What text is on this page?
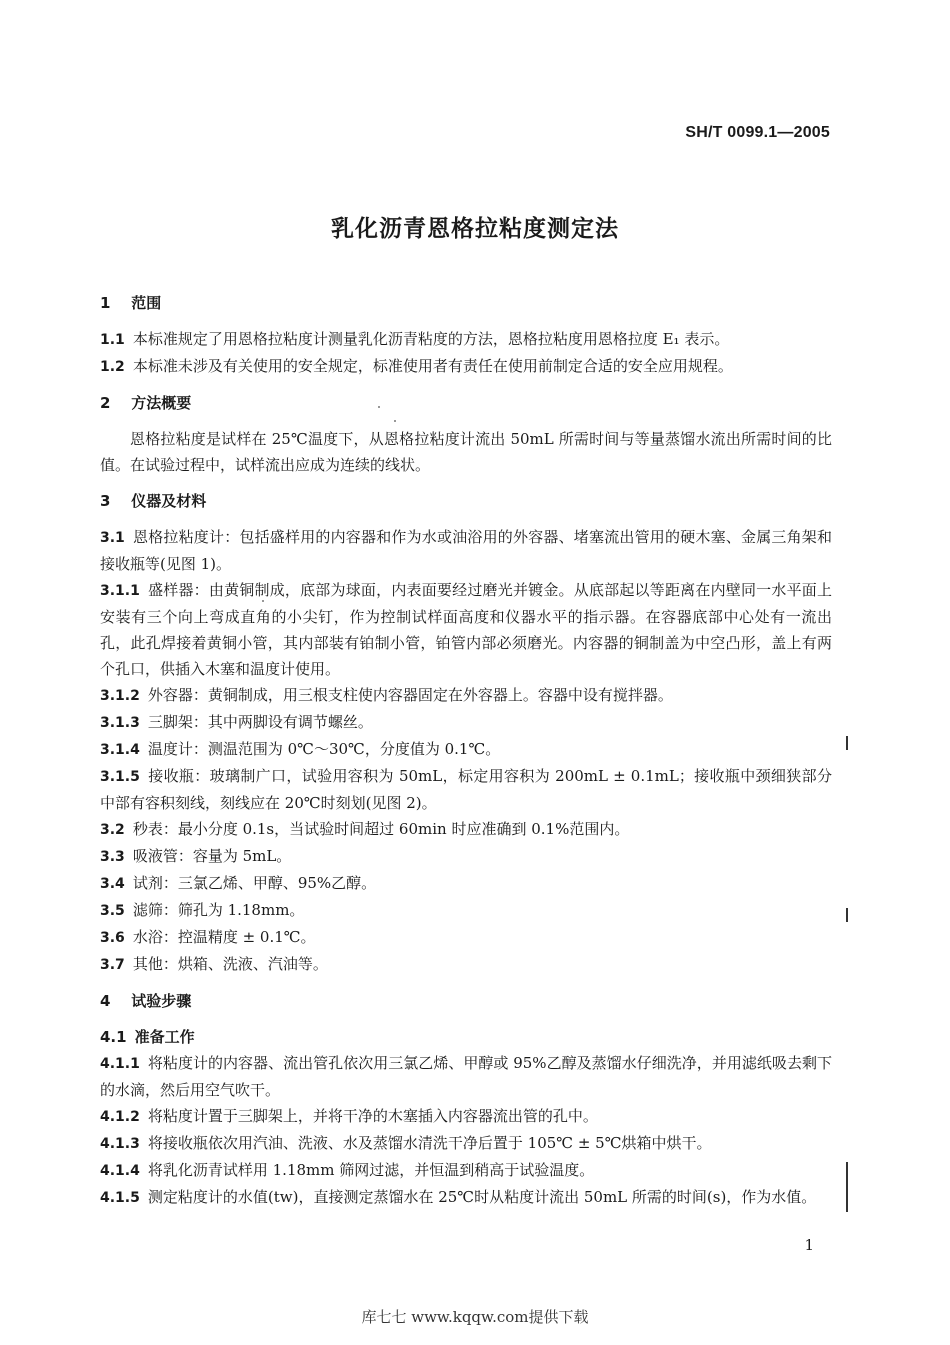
SH/T 0099.1—2005
乳化沥青恩格拉粘度测定法
1 范围

1.1 本标准规定了用恩格拉粘度计测量乳化沥青粘度的方法，恩格拉粘度用恩格拉度 E₁ 表示。

1.2 本标准未涉及有关使用的安全规定，标准使用者有责任在使用前制定合适的安全应用规程。

2 方法概要

恩格拉粘度是试样在 25℃温度下，从恩格拉粘度计流出 50mL 所需时间与等量蒸馏水流出所需时间的比值。在试验过程中，试样流出应成为连续的线状。

3 仪器及材料

3.1 恩格拉粘度计：包括盛样用的内容器和作为水或油浴用的外容器、堵塞流出管用的硬木塞、金属三角架和接收瓶等(见图 1)。

3.1.1 盛样器：由黄铜制成，底部为球面，内表面要经过磨光并镀金。从底部起以等距离在内壁同一水平面上安装有三个向上弯成直角的小尖钉，作为控制试样面高度和仪器水平的指示器。在容器底部中心处有一流出孔，此孔焊接着黄铜小管，其内部装有铂制小管，铂管内部必须磨光。内容器的铜制盖为中空凸形，盖上有两个孔口，供插入木塞和温度计使用。

3.1.2 外容器：黄铜制成，用三根支柱使内容器固定在外容器上。容器中设有搅拌器。

3.1.3 三脚架：其中两脚设有调节螺丝。

3.1.4 温度计：测温范围为 0℃～30℃，分度值为 0.1℃。

3.1.5 接收瓶：玻璃制广口，试验用容积为 50mL，标定用容积为 200mL ± 0.1mL；接收瓶中颈细狭部分中部有容积刻线，刻线应在 20℃时刻划(见图 2)。

3.2 秒表：最小分度 0.1s，当试验时间超过 60min 时应准确到 0.1%范围内。

3.3 吸液管：容量为 5mL。

3.4 试剂：三氯乙烯、甲醇、95%乙醇。

3.5 滤筛：筛孔为 1.18mm。

3.6 水浴：控温精度 ± 0.1℃。

3.7 其他：烘箱、洗液、汽油等。

4 试验步骤
4.1 准备工作

4.1.1 将粘度计的内容器、流出管孔依次用三氯乙烯、甲醇或 95%乙醇及蒸馏水仔细洗净，并用滤纸吸去剩下的水滴，然后用空气吹干。

4.1.2 将粘度计置于三脚架上，并将干净的木塞插入内容器流出管的孔中。

4.1.3 将接收瓶依次用汽油、洗液、水及蒸馏水清洗干净后置于 105℃ ± 5℃烘箱中烘干。

4.1.4 将乳化沥青试样用 1.18mm 筛网过滤，并恒温到稍高于试验温度。

4.1.5 测定粘度计的水值(tw)，直接测定蒸馏水在 25℃时从粘度计流出 50mL 所需的时间(s)，作为水值。

1
库七七 www.kqqw.com提供下载
